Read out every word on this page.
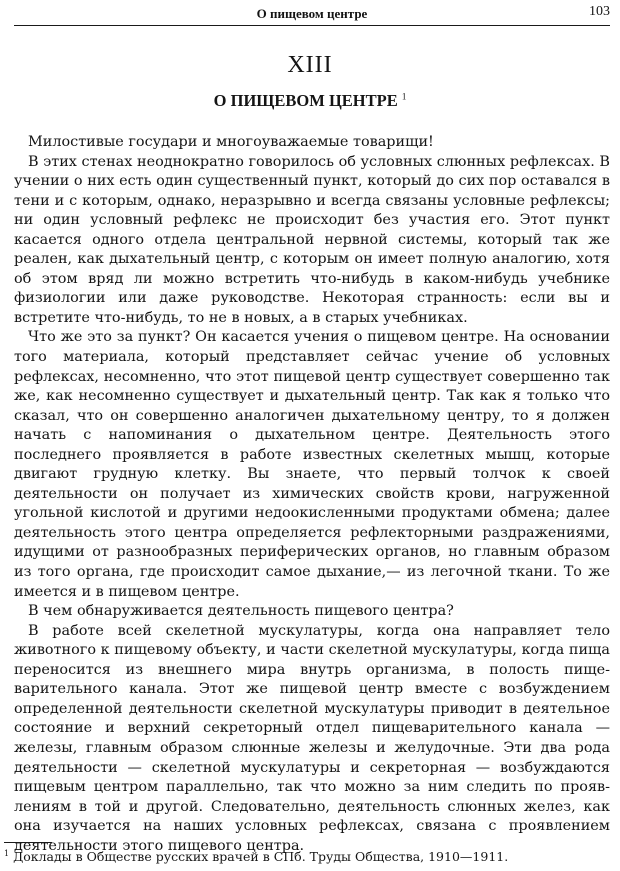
О пищевом центре	103
XIII
О ПИЩЕВОМ ЦЕНТРЕ $^1$

Милостивые государи и многоуважаемые товарищи!

В этих стенах неоднократно говорилось об условных слюнных рефлексах. В учении о них есть один существенный пункт, который до сих пор оставался в тени и с которым, однако, неразрывно и всегда связаны условные рефлексы; ни один условный рефлекс не происходит без участия его. Этот пункт касается одного отдела центральной нервной системы, который так же реален, как дыхательный центр, с которым он имеет полную аналогию, хотя об этом вряд ли можно встретить что-нибудь в каком-нибудь учебнике физиологии или даже руководстве. Некоторая странность: если вы и встретите что-нибудь, то не в новых, а в старых учебниках.

Что же это за пункт? Он касается учения о пищевом центре. На основании того материала, который представляет сейчас учение об условных рефлексах, несомненно, что этот пищевой центр существует совершенно так же, как несомненно существует и дыхательный центр. Так как я только что сказал, что он совершенно аналогичен дыхательному центру, то я должен начать с напоминания о дыхательном центре. Деятельность этого последнего проявляется в работе известных скелетных мышц, которые двигают грудную клетку. Вы знаете, что первый толчок к своей деятельности он получает из химических свойств крови, нагруженной угольной кислотой и другими недоокисленными продуктами обмена; далее деятельность этого центра определяется рефлекторными раздражениями, идущими от разнообразных периферических органов, но главным образом из того органа, где происходит самое дыхание,— из легочной ткани. То же имеется и в пищевом центре.

В чем обнаруживается деятельность пищевого центра?

В работе всей скелетной мускулатуры, когда она направляет тело животного к пищевому объекту, и части скелетной мускулатуры, когда пища переносится из внешнего мира внутрь организма, в полость пищеварительного канала. Этот же пищевой центр вместе с возбуждением определенной деятельности скелетной мускулатуры приводит в деятельное состояние и верхний секреторный отдел пищеварительного канала — железы, главным образом слюнные железы и желудочные. Эти два рода деятельности — скелетной мускулатуры и секреторная — возбуждаются пищевым центром параллельно, так что можно за ним следить по проявлениям в той и другой. Следовательно, деятельность слюнных желез, как она изучается на наших условных рефлексах, связана с проявлением деятельности этого пищевого центра.

$^1$ Доклады в Обществе русских врачей в СПб. Труды Общества, 1910—1911.
